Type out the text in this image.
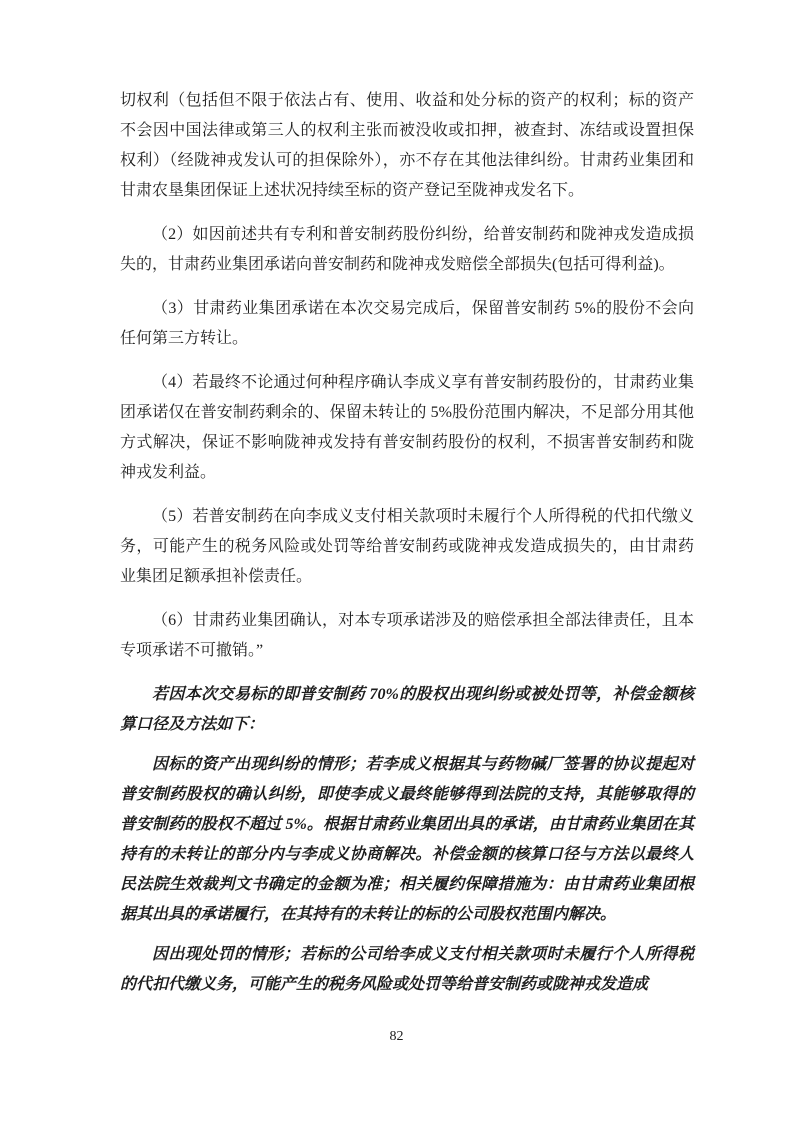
切权利（包括但不限于依法占有、使用、收益和处分标的资产的权利；标的资产不会因中国法律或第三人的权利主张而被没收或扣押，被查封、冻结或设置担保权利）（经陇神戎发认可的担保除外），亦不存在其他法律纠纷。甘肃药业集团和甘肃农垦集团保证上述状况持续至标的资产登记至陇神戎发名下。

（2）如因前述共有专利和普安制药股份纠纷，给普安制药和陇神戎发造成损失的，甘肃药业集团承诺向普安制药和陇神戎发赔偿全部损失(包括可得利益)。

（3）甘肃药业集团承诺在本次交易完成后，保留普安制药 5%的股份不会向任何第三方转让。

（4）若最终不论通过何种程序确认李成义享有普安制药股份的，甘肃药业集团承诺仅在普安制药剩余的、保留未转让的 5%股份范围内解决，不足部分用其他方式解决，保证不影响陇神戎发持有普安制药股份的权利，不损害普安制药和陇神戎发利益。

（5）若普安制药在向李成义支付相关款项时未履行个人所得税的代扣代缴义务，可能产生的税务风险或处罚等给普安制药或陇神戎发造成损失的，由甘肃药业集团足额承担补偿责任。

（6）甘肃药业集团确认，对本专项承诺涉及的赔偿承担全部法律责任，且本专项承诺不可撤销。”

若因本次交易标的即普安制药 70%的股权出现纠纷或被处罚等，补偿金额核算口径及方法如下：

因标的资产出现纠纷的情形；若李成义根据其与药物碱厂签署的协议提起对普安制药股权的确认纠纷，即使李成义最终能够得到法院的支持，其能够取得的普安制药的股权不超过 5%。根据甘肃药业集团出具的承诺，由甘肃药业集团在其持有的未转让的部分内与李成义协商解决。补偿金额的核算口径与方法以最终人民法院生效裁判文书确定的金额为准；相关履约保障措施为：由甘肃药业集团根据其出具的承诺履行，在其持有的未转让的标的公司股权范围内解决。

因出现处罚的情形；若标的公司给李成义支付相关款项时未履行个人所得税的代扣代缴义务，可能产生的税务风险或处罚等给普安制药或陇神戎发造成

82
